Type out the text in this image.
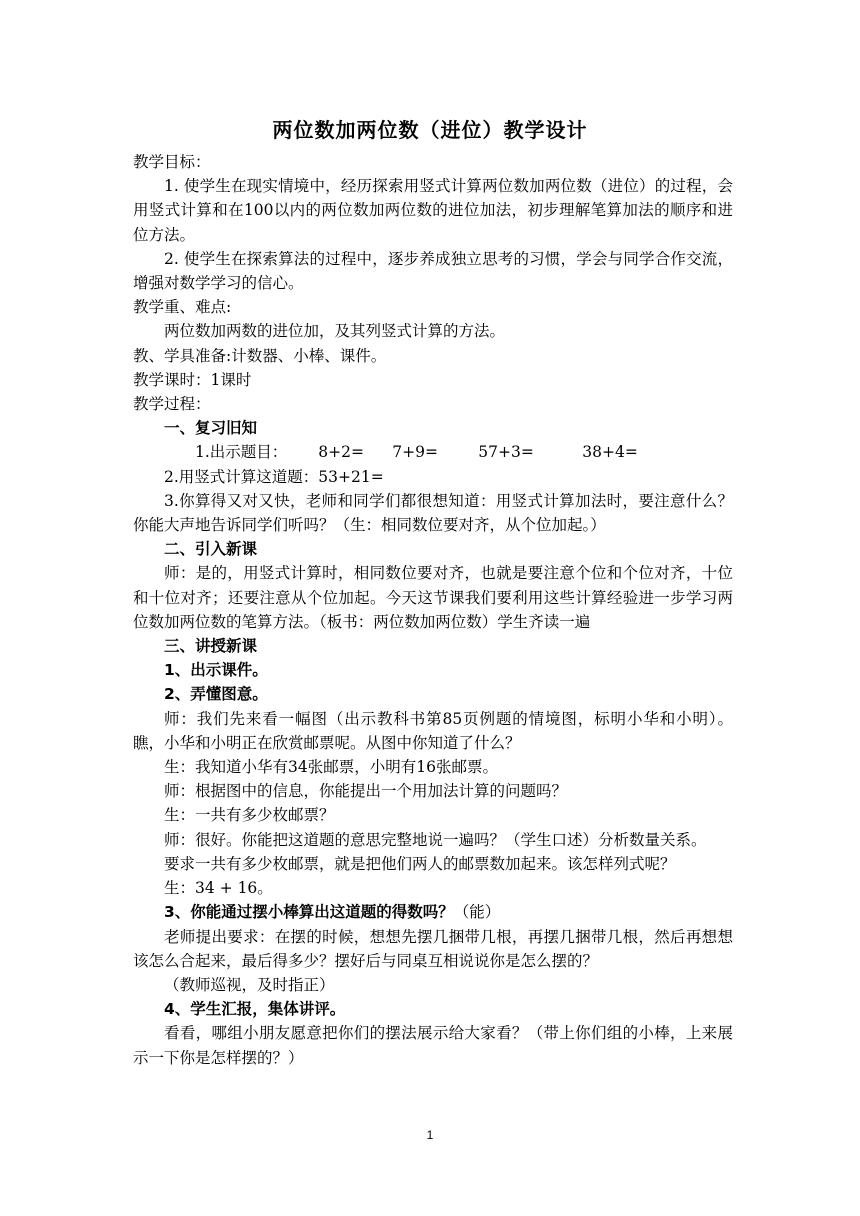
两位数加两位数（进位）教学设计

教学目标：

1. 使学生在现实情境中，经历探索用竖式计算两位数加两位数（进位）的过程，会用竖式计算和在100以内的两位数加两位数的进位加法，初步理解笔算加法的顺序和进位方法。

2. 使学生在探索算法的过程中，逐步养成独立思考的习惯，学会与同学合作交流，增强对数学学习的信心。

教学重、难点:

两位数加两数的进位加，及其列竖式计算的方法。

教、学具准备:计数器、小棒、课件。

教学课时：1课时

教学过程：

一、复习旧知

1.出示题目： 8+2= 7+9=	57+3=	38+4=

2.用竖式计算这道题：53+21=

3.你算得又对又快，老师和同学们都很想知道：用竖式计算加法时，要注意什么？你能大声地告诉同学们听吗？（生：相同数位要对齐，从个位加起。）

二、引入新课

师：是的，用竖式计算时，相同数位要对齐，也就是要注意个位和个位对齐，十位和十位对齐；还要注意从个位加起。今天这节课我们要利用这些计算经验进一步学习两位数加两位数的笔算方法。（板书：两位数加两位数）学生齐读一遍

三、讲授新课

1、出示课件。

2、弄懂图意。

师：我们先来看一幅图（出示教科书第85页例题的情境图，标明小华和小明）。瞧，小华和小明正在欣赏邮票呢。从图中你知道了什么？

生：我知道小华有34张邮票，小明有16张邮票。

师：根据图中的信息，你能提出一个用加法计算的问题吗？

生：一共有多少枚邮票？

师：很好。你能把这道题的意思完整地说一遍吗？（学生口述）分析数量关系。

要求一共有多少枚邮票，就是把他们两人的邮票数加起来。该怎样列式呢？

生：34 + 16。

3、你能通过摆小棒算出这道题的得数吗？（能）

老师提出要求：在摆的时候，想想先摆几捆带几根，再摆几捆带几根，然后再想想该怎么合起来，最后得多少？摆好后与同桌互相说说你是怎么摆的？

（教师巡视，及时指正）

4、学生汇报，集体讲评。

看看，哪组小朋友愿意把你们的摆法展示给大家看？（带上你们组的小棒，上来展示一下你是怎样摆的？）

1
